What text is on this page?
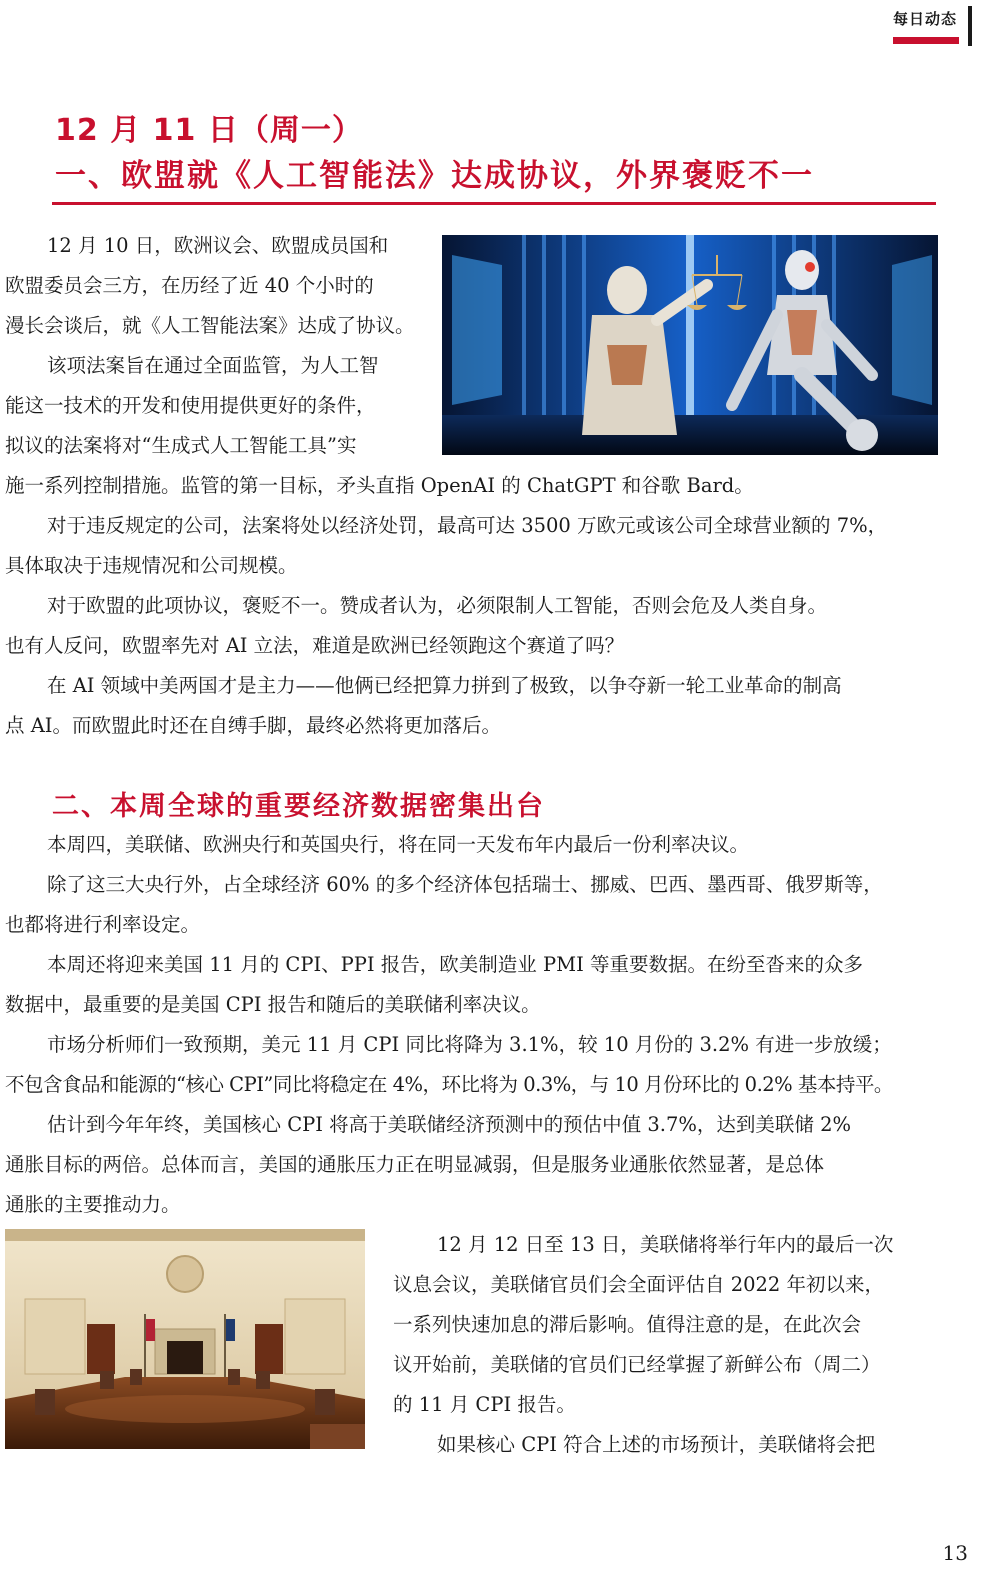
每日动态
12 月 11 日（周一）
一、欧盟就《人工智能法》达成协议，外界褒贬不一
12 月 10 日，欧洲议会、欧盟成员国和
欧盟委员会三方，在历经了近 40 个小时的
漫长会谈后，就《人工智能法案》达成了协议。
该项法案旨在通过全面监管，为人工智
能这一技术的开发和使用提供更好的条件，
拟议的法案将对“生成式人工智能工具”实
施一系列控制措施。监管的第一目标，矛头直指 OpenAI 的 ChatGPT 和谷歌 Bard。
对于违反规定的公司，法案将处以经济处罚，最高可达 3500 万欧元或该公司全球营业额的 7%，
具体取决于违规情况和公司规模。
对于欧盟的此项协议，褒贬不一。赞成者认为，必须限制人工智能，否则会危及人类自身。
也有人反问，欧盟率先对 AI 立法，难道是欧洲已经领跑这个赛道了吗？
在 AI 领域中美两国才是主力——他俩已经把算力拼到了极致，以争夺新一轮工业革命的制高
点 AI。而欧盟此时还在自缚手脚，最终必然将更加落后。
二、本周全球的重要经济数据密集出台
本周四，美联储、欧洲央行和英国央行，将在同一天发布年内最后一份利率决议。
除了这三大央行外，占全球经济 60% 的多个经济体包括瑞士、挪威、巴西、墨西哥、俄罗斯等，
也都将进行利率设定。
本周还将迎来美国 11 月的 CPI、PPI 报告，欧美制造业 PMI 等重要数据。在纷至沓来的众多
数据中，最重要的是美国 CPI 报告和随后的美联储利率决议。
市场分析师们一致预期，美元 11 月 CPI 同比将降为 3.1%，较 10 月份的 3.2% 有进一步放缓；
不包含食品和能源的“核心 CPI”同比将稳定在 4%，环比将为 0.3%，与 10 月份环比的 0.2% 基本持平。
估计到今年年终，美国核心 CPI 将高于美联储经济预测中的预估中值 3.7%，达到美联储 2%
通胀目标的两倍。总体而言，美国的通胀压力正在明显减弱，但是服务业通胀依然显著，是总体
通胀的主要推动力。
12 月 12 日至 13 日，美联储将举行年内的最后一次
议息会议，美联储官员们会全面评估自 2022 年初以来，
一系列快速加息的滞后影响。值得注意的是，在此次会
议开始前，美联储的官员们已经掌握了新鲜公布（周二）
的 11 月 CPI 报告。
如果核心 CPI 符合上述的市场预计，美联储将会把
13
